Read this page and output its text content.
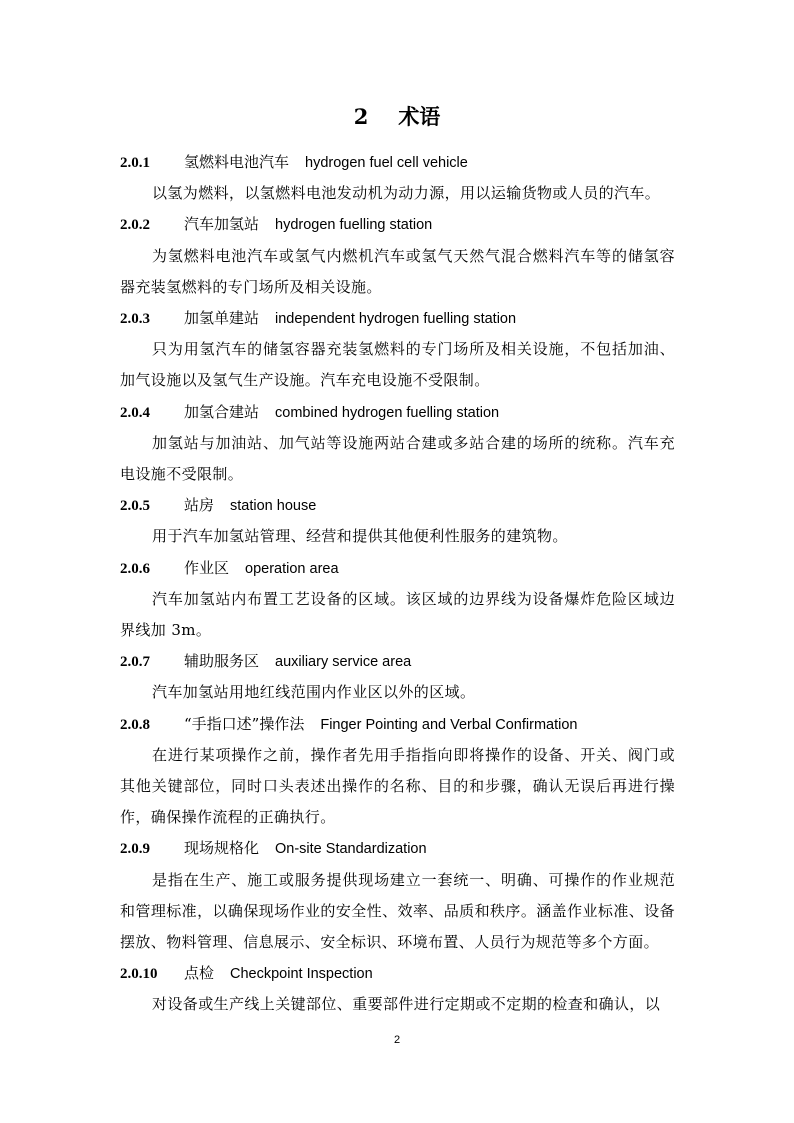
2 术语
2.0.1 氢燃料电池汽车 hydrogen fuel cell vehicle
以氢为燃料，以氢燃料电池发动机为动力源，用以运输货物或人员的汽车。
2.0.2 汽车加氢站 hydrogen fuelling station
为氢燃料电池汽车或氢气内燃机汽车或氢气天然气混合燃料汽车等的储氢容器充装氢燃料的专门场所及相关设施。
2.0.3 加氢单建站 independent hydrogen fuelling station
只为用氢汽车的储氢容器充装氢燃料的专门场所及相关设施，不包括加油、加气设施以及氢气生产设施。汽车充电设施不受限制。
2.0.4 加氢合建站 combined hydrogen fuelling station
加氢站与加油站、加气站等设施两站合建或多站合建的场所的统称。汽车充电设施不受限制。
2.0.5 站房 station house
用于汽车加氢站管理、经营和提供其他便利性服务的建筑物。
2.0.6 作业区 operation area
汽车加氢站内布置工艺设备的区域。该区域的边界线为设备爆炸危险区域边界线加 3m。
2.0.7 辅助服务区 auxiliary service area
汽车加氢站用地红线范围内作业区以外的区域。
2.0.8 “手指口述”操作法 Finger Pointing and Verbal Confirmation
在进行某项操作之前，操作者先用手指指向即将操作的设备、开关、阀门或其他关键部位，同时口头表述出操作的名称、目的和步骤，确认无误后再进行操作，确保操作流程的正确执行。
2.0.9 现场规格化 On-site Standardization
是指在生产、施工或服务提供现场建立一套统一、明确、可操作的作业规范和管理标准，以确保现场作业的安全性、效率、品质和秩序。涵盖作业标准、设备摆放、物料管理、信息展示、安全标识、环境布置、人员行为规范等多个方面。
2.0.10 点检 Checkpoint Inspection
对设备或生产线上关键部位、重要部件进行定期或不定期的检查和确认，以
2
